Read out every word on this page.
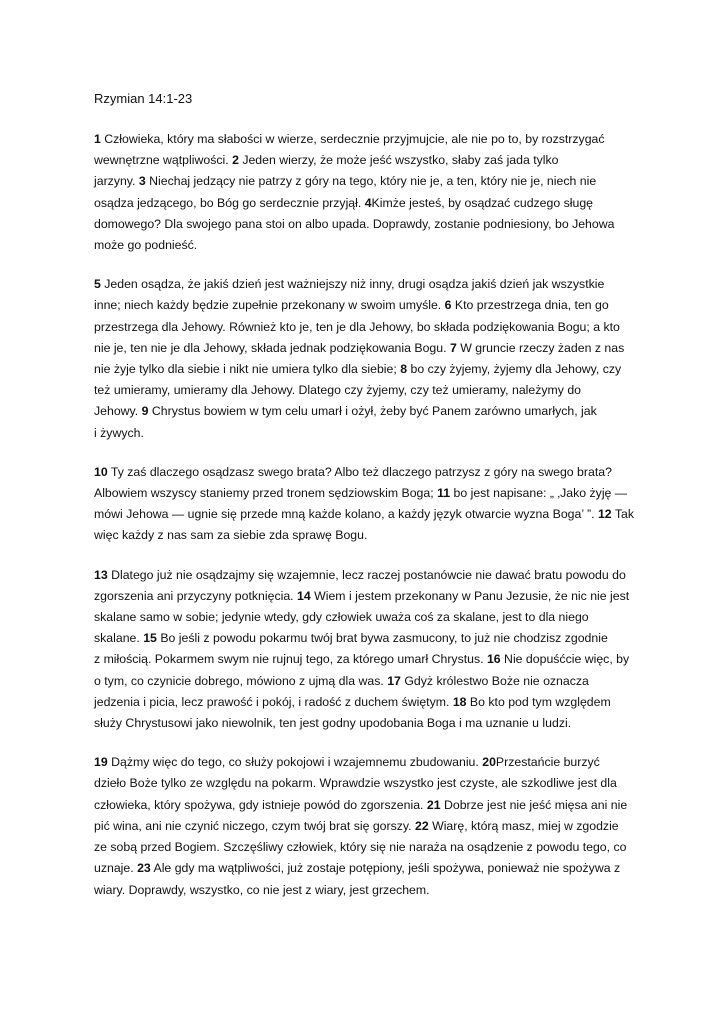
Rzymian 14:1-23
1 Człowieka, który ma słabości w wierze, serdecznie przyjmujcie, ale nie po to, by rozstrzygać
wewnętrzne wątpliwości. 2 Jeden wierzy, że może jeść wszystko, słaby zaś jada tylko
jarzyny. 3 Niechaj jedzący nie patrzy z góry na tego, który nie je, a ten, który nie je, niech nie
osądza jedzącego, bo Bóg go serdecznie przyjął. 4Kimże jesteś, by osądzać cudzego sługę
domowego? Dla swojego pana stoi on albo upada. Doprawdy, zostanie podniesiony, bo Jehowa
może go podnieść.
5 Jeden osądza, że jakiś dzień jest ważniejszy niż inny, drugi osądza jakiś dzień jak wszystkie
inne; niech każdy będzie zupełnie przekonany w swoim umyśle. 6 Kto przestrzega dnia, ten go
przestrzega dla Jehowy. Również kto je, ten je dla Jehowy, bo składa podziękowania Bogu; a kto
nie je, ten nie je dla Jehowy, składa jednak podziękowania Bogu. 7 W gruncie rzeczy żaden z nas
nie żyje tylko dla siebie i nikt nie umiera tylko dla siebie; 8 bo czy żyjemy, żyjemy dla Jehowy, czy
też umieramy, umieramy dla Jehowy. Dlatego czy żyjemy, czy też umieramy, należymy do
Jehowy. 9 Chrystus bowiem w tym celu umarł i ożył, żeby być Panem zarówno umarłych, jak
i żywych.
10 Ty zaś dlaczego osądzasz swego brata? Albo też dlaczego patrzysz z góry na swego brata?
Albowiem wszyscy staniemy przed tronem sędziowskim Boga; 11 bo jest napisane: „ ‚Jako żyję —
mówi Jehowa — ugnie się przede mną każde kolano, a każdy język otwarcie wyzna Boga’ ”. 12 Tak
więc każdy z nas sam za siebie zda sprawę Bogu.
13 Dlatego już nie osądzajmy się wzajemnie, lecz raczej postanówcie nie dawać bratu powodu do
zgorszenia ani przyczyny potknięcia. 14 Wiem i jestem przekonany w Panu Jezusie, że nic nie jest
skalane samo w sobie; jedynie wtedy, gdy człowiek uważa coś za skalane, jest to dla niego
skalane. 15 Bo jeśli z powodu pokarmu twój brat bywa zasmucony, to już nie chodzisz zgodnie
z miłością. Pokarmem swym nie rujnuj tego, za którego umarł Chrystus. 16 Nie dopuśćcie więc, by
o tym, co czynicie dobrego, mówiono z ujmą dla was. 17 Gdyż królestwo Boże nie oznacza
jedzenia i picia, lecz prawość i pokój, i radość z duchem świętym. 18 Bo kto pod tym względem
służy Chrystusowi jako niewolnik, ten jest godny upodobania Boga i ma uznanie u ludzi.
19 Dążmy więc do tego, co służy pokojowi i wzajemnemu zbudowaniu. 20Przestańcie burzyć
dzieło Boże tylko ze względu na pokarm. Wprawdzie wszystko jest czyste, ale szkodliwe jest dla
człowieka, który spożywa, gdy istnieje powód do zgorszenia. 21 Dobrze jest nie jeść mięsa ani nie
pić wina, ani nie czynić niczego, czym twój brat się gorszy. 22 Wiarę, którą masz, miej w zgodzie
ze sobą przed Bogiem. Szczęśliwy człowiek, który się nie naraża na osądzenie z powodu tego, co
uznaje. 23 Ale gdy ma wątpliwości, już zostaje potępiony, jeśli spożywa, ponieważ nie spożywa z
wiary. Doprawdy, wszystko, co nie jest z wiary, jest grzechem.
